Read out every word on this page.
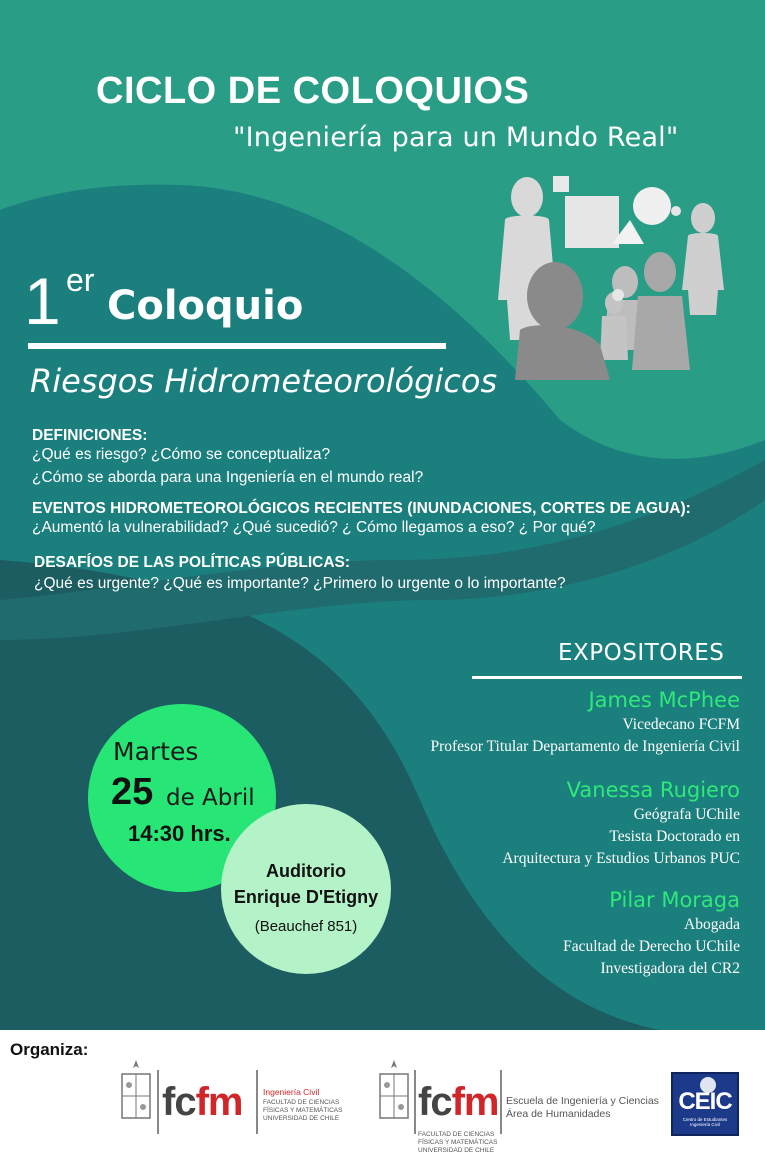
CICLO DE COLOQUIOS
"Ingeniería para un Mundo Real"
1 er
Coloquio
Riesgos Hidrometeorológicos
DEFINICIONES:
¿Qué es riesgo? ¿Cómo se conceptualiza?
¿Cómo se aborda para una Ingeniería en el mundo real?
EVENTOS HIDROMETEOROLÓGICOS RECIENTES (INUNDACIONES, CORTES DE AGUA):
¿Aumentó la vulnerabilidad? ¿Qué sucedió? ¿ Cómo llegamos a eso? ¿ Por qué?
DESAFÍOS DE LAS POLÍTICAS PÚBLICAS:
¿Qué es urgente? ¿Qué es importante? ¿Primero lo urgente o lo importante?
EXPOSITORES
James McPhee
Vicedecano FCFM
Profesor Titular Departamento de Ingeniería Civil
Vanessa Rugiero
Geógrafa UChile
Tesista Doctorado en
Arquitectura y Estudios Urbanos PUC
Pilar Moraga
Abogada
Facultad de Derecho UChile
Investigadora del CR2
Martes
25 de Abril
14:30 hrs.
Auditorio
Enrique D'Etigny
(Beauchef 851)
Organiza:
fcfm Ingeniería Civil
FACULTAD DE CIENCIAS
FÍSICAS Y MATEMÁTICAS
UNIVERSIDAD DE CHILE fcfm
FACULTAD DE CIENCIAS
FÍSICAS Y MATEMÁTICAS
UNIVERSIDAD DE CHILE
Escuela de Ingeniería y Ciencias
Área de Humanidades	CEIC
Centro de Estudiantes
Ingeniería Civil
